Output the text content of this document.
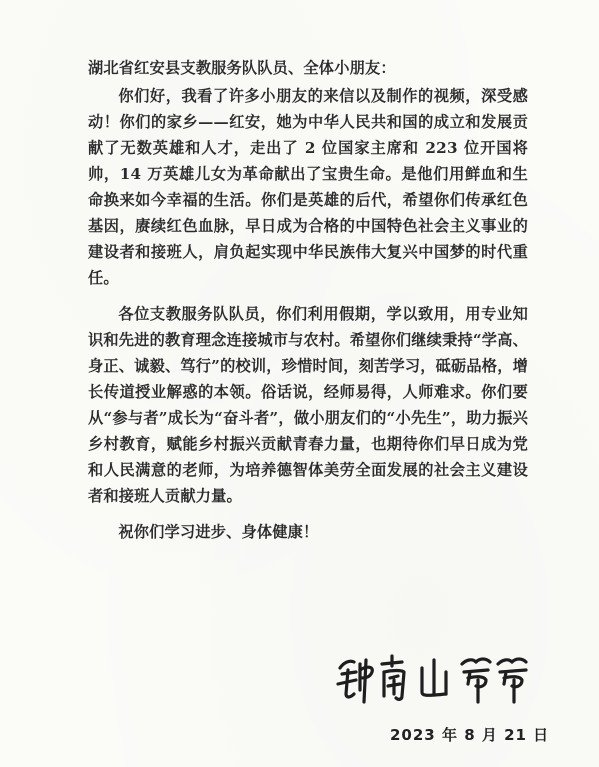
湖北省红安县支教服务队队员、全体小朋友：

你们好，我看了许多小朋友的来信以及制作的视频，深受感动！你们的家乡——红安，她为中华人民共和国的成立和发展贡献了无数英雄和人才，走出了 2 位国家主席和 223 位开国将帅，14 万英雄儿女为革命献出了宝贵生命。是他们用鲜血和生命换来如今幸福的生活。你们是英雄的后代，希望你们传承红色基因，赓续红色血脉，早日成为合格的中国特色社会主义事业的建设者和接班人，肩负起实现中华民族伟大复兴中国梦的时代重任。

各位支教服务队队员，你们利用假期，学以致用，用专业知识和先进的教育理念连接城市与农村。希望你们继续秉持“学高、身正、诚毅、笃行”的校训，珍惜时间，刻苦学习，砥砺品格，增长传道授业解惑的本领。俗话说，经师易得，人师难求。你们要从“参与者”成长为“奋斗者”，做小朋友们的“小先生”，助力振兴乡村教育，赋能乡村振兴贡献青春力量，也期待你们早日成为党和人民满意的老师，为培养德智体美劳全面发展的社会主义建设者和接班人贡献力量。

祝你们学习进步、身体健康！

2023 年 8 月 21 日
